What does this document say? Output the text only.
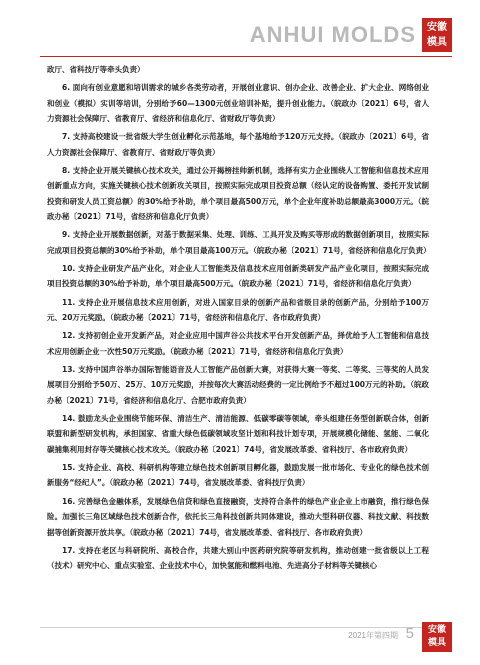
ANHUI MOLDS	安徽
模具

政厅、省科技厅等牵头负责）

6. 面向有创业意愿和培训需求的城乡各类劳动者，开展创业意识、创办企业、改善企业、扩大企业、网络创业和创业（模拟）实训等培训，分别给予60—1300元创业培训补贴，提升创业能力。（皖政办〔2021〕6号，省人力资源社会保障厅、省教育厅、省经济和信息化厅、省财政厅等负责）

7. 支持高校建设一批省级大学生创业孵化示范基地，每个基地给予120万元支持。（皖政办〔2021〕6号，省人力资源社会保障厅、省教育厅、省财政厅等负责）

8. 支持企业开展关键核心技术攻关，通过公开揭榜挂帅新机制，选择有实力企业围绕人工智能和信息技术应用创新重点方向，实施关键核心技术创新攻关项目，按照实际完成项目投资总额（经认定的设备购置、委托开发试制投资和研发人员工资总额）的30%给予补助，单个项目最高500万元，单个企业年度补助总额最高3000万元。（皖政办秘〔2021〕71号，省经济和信息化厅负责）

9. 支持企业开展数据创新，对基于数据采集、处理、训练、工具开发及购买等形成的数据创新项目，按照实际完成项目投资总额的30%给予补助，单个项目最高100万元。（皖政办秘〔2021〕71号，省经济和信息化厅负责）

10. 支持企业研发产品产业化，对企业人工智能类及信息技术应用创新类研发产品产业化项目，按照实际完成项目投资总额的30%给予补助，单个项目最高500万元。（皖政办秘〔2021〕71号，省经济和信息化厅负责）

11. 支持企业开展信息技术应用创新，对进入国家目录的创新产品和省级目录的创新产品，分别给予100万元、20万元奖励。（皖政办秘〔2021〕71号，省经济和信息化厅、各市政府负责）

12. 支持初创企业开发新产品，对企业应用中国声谷公共技术平台开发创新产品，择优给予人工智能和信息技术应用创新企业一次性50万元奖励。（皖政办秘〔2021〕71号，省经济和信息化厅负责）

13. 支持中国声谷举办国际智能语音及人工智能产品创新大赛，对获得大赛一等奖、二等奖、三等奖的人员发展项目分别给予50万、25万、10万元奖励，并按每次大赛活动经费的一定比例给予不超过100万元的补助。（皖政办秘〔2021〕71号，省经济和信息化厅、合肥市政府负责）

14. 鼓励龙头企业围绕节能环保、清洁生产、清洁能源、低碳零碳等领域，牵头组建任务型创新联合体，创新联盟和新型研发机构，承担国家、省重大绿色低碳领域攻坚计划和科技计划专项，开展规模化储能、氢能、二氧化碳捕集利用封存等关键核心技术攻关。（皖政办秘〔2021〕74号，省发展改革委、省科技厅、各市政府负责）

15. 支持企业、高校、科研机构等建立绿色技术创新项目孵化器，鼓励发展一批市场化、专业化的绿色技术创新服务“经纪人”。（皖政办秘〔2021〕74号，省发展改革委、省科技厅负责）

16. 完善绿色金融体系，发展绿色信贷和绿色直接融资，支持符合条件的绿色产业企业上市融资，推行绿色保险。加强长三角区域绿色技术创新合作，依托长三角科技创新共同体建设，推动大型科研仪器、科技文献、科技数据等创新资源开放共享。（皖政办秘〔2021〕74号，省发展改革委、省科技厅、各市政府负责）

17. 支持在老区与科研院所、高校合作，共建大别山中医药研究院等研发机构，推动创建一批省级以上工程（技术）研究中心、重点实验室、企业技术中心，加快氢能和燃料电池、先进高分子材料等关键核心

2021年第四期 5	安徽
模具
